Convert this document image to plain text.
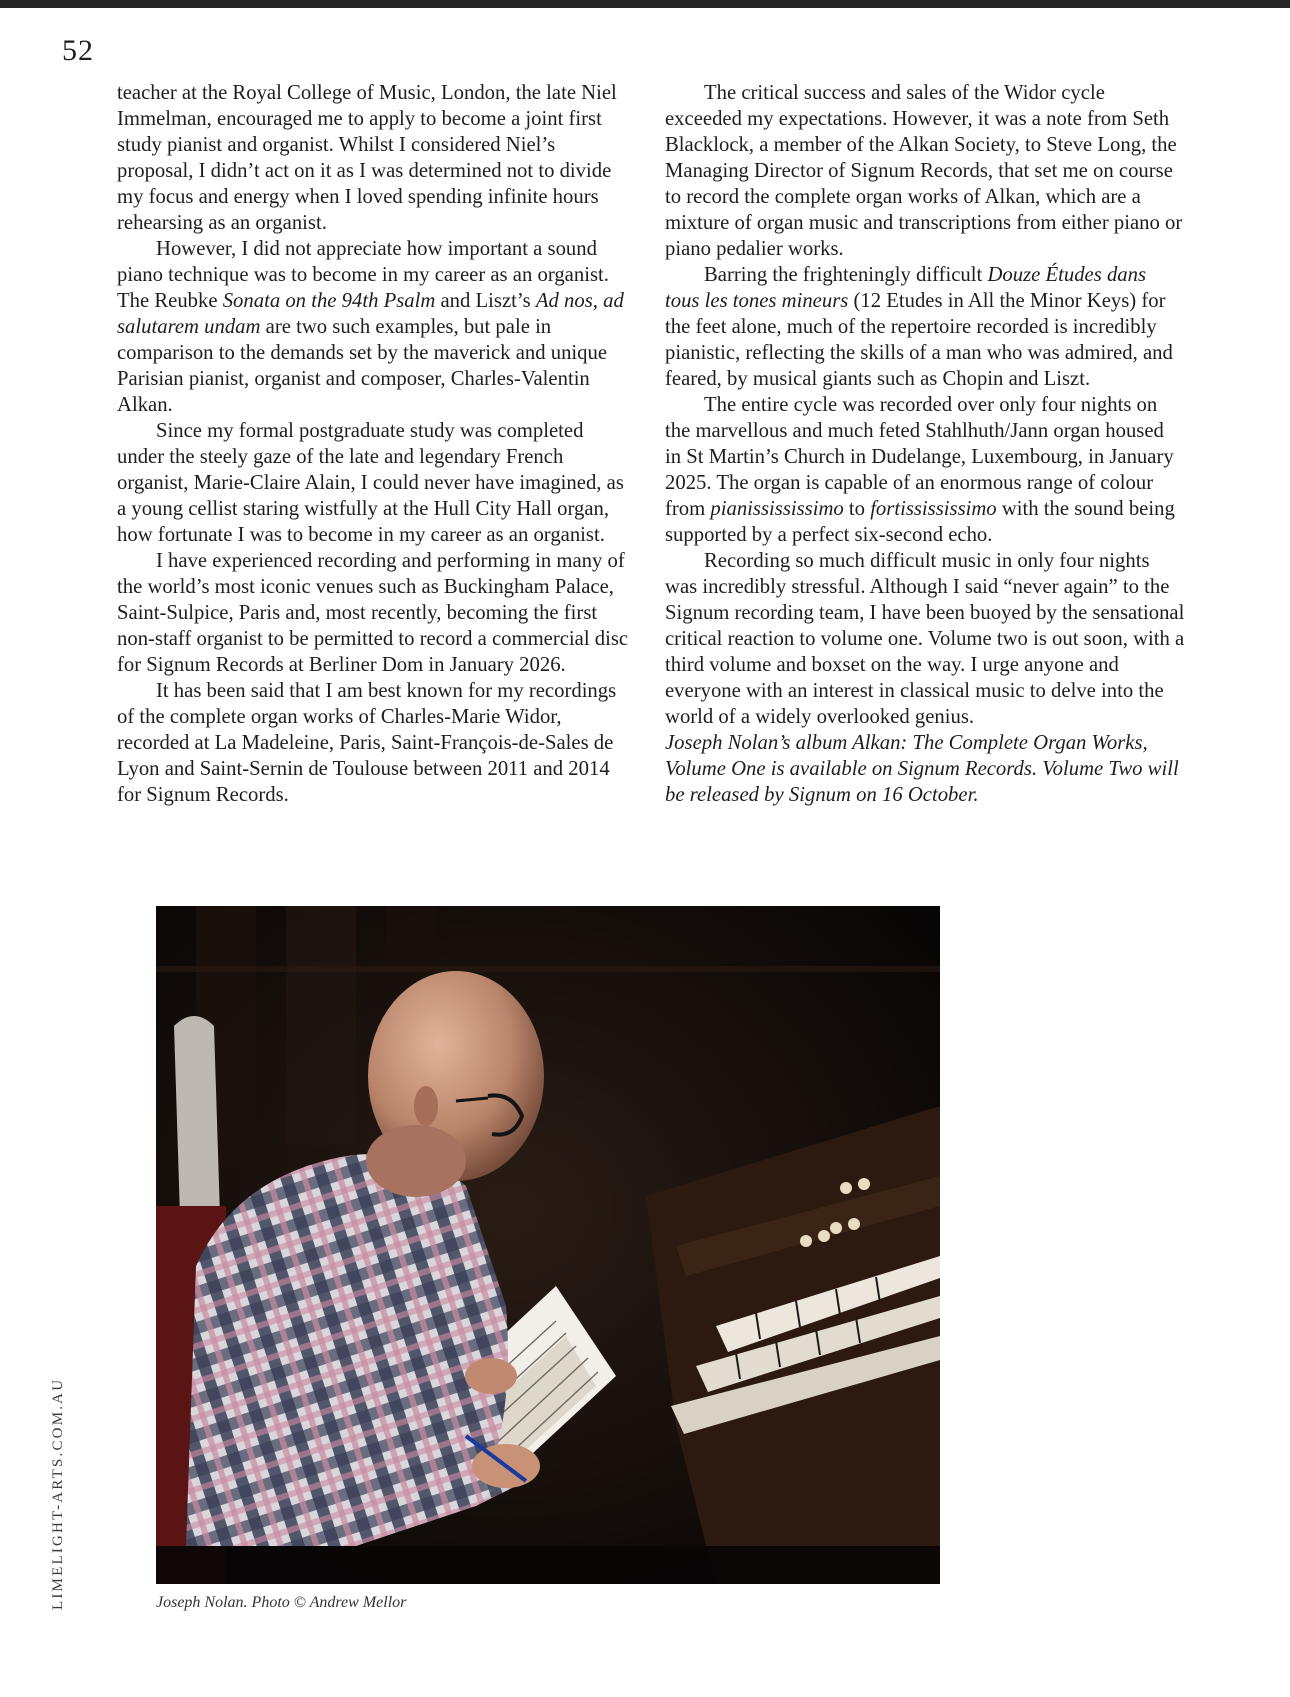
52

teacher at the Royal College of Music, London, the late Niel Immelman, encouraged me to apply to become a joint first study pianist and organist. Whilst I considered Niel’s proposal, I didn’t act on it as I was determined not to divide my focus and energy when I loved spending infinite hours rehearsing as an organist.

However, I did not appreciate how important a sound piano technique was to become in my career as an organist. The Reubke Sonata on the 94th Psalm and Liszt’s Ad nos, ad salutarem undam are two such examples, but pale in comparison to the demands set by the maverick and unique Parisian pianist, organist and composer, Charles-Valentin Alkan.

Since my formal postgraduate study was completed under the steely gaze of the late and legendary French organist, Marie-Claire Alain, I could never have imagined, as a young cellist staring wistfully at the Hull City Hall organ, how fortunate I was to become in my career as an organist.

I have experienced recording and performing in many of the world’s most iconic venues such as Buckingham Palace, Saint-Sulpice, Paris and, most recently, becoming the first non-staff organist to be permitted to record a commercial disc for Signum Records at Berliner Dom in January 2026.

It has been said that I am best known for my recordings of the complete organ works of Charles-Marie Widor, recorded at La Madeleine, Paris, Saint-François-de-Sales de Lyon and Saint-Sernin de Toulouse between 2011 and 2014 for Signum Records.

The critical success and sales of the Widor cycle exceeded my expectations. However, it was a note from Seth Blacklock, a member of the Alkan Society, to Steve Long, the Managing Director of Signum Records, that set me on course to record the complete organ works of Alkan, which are a mixture of organ music and transcriptions from either piano or piano pedalier works.

Barring the frighteningly difficult Douze Études dans tous les tones mineurs (12 Etudes in All the Minor Keys) for the feet alone, much of the repertoire recorded is incredibly pianistic, reflecting the skills of a man who was admired, and feared, by musical giants such as Chopin and Liszt.

The entire cycle was recorded over only four nights on the marvellous and much feted Stahlhuth/Jann organ housed in St Martin’s Church in Dudelange, Luxembourg, in January 2025. The organ is capable of an enormous range of colour from pianissississimo to fortissississimo with the sound being supported by a perfect six-second echo.

Recording so much difficult music in only four nights was incredibly stressful. Although I said “never again” to the Signum recording team, I have been buoyed by the sensational critical reaction to volume one. Volume two is out soon, with a third volume and boxset on the way. I urge anyone and everyone with an interest in classical music to delve into the world of a widely overlooked genius.

Joseph Nolan’s album Alkan: The Complete Organ Works, Volume One is available on Signum Records. Volume Two will be released by Signum on 16 October.

Joseph Nolan. Photo © Andrew Mellor
LIMELIGHT-ARTS.COM.AU
